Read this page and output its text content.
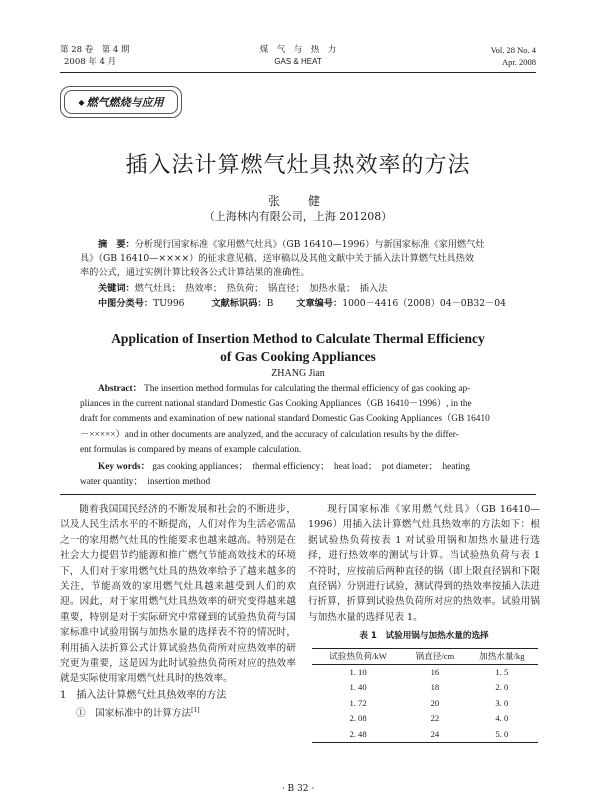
第 28 卷　第 4 期
2008 年 4 月
煤　气　与　热　力
GAS & HEAT
Vol. 28 No. 4
Apr. 2008
◆ 燃气燃烧与应用
插入法计算燃气灶具热效率的方法
张　健
（上海林内有限公司，上海 201208）
摘　要：分析现行国家标准《家用燃气灶具》（GB 16410—1996）与新国家标准《家用燃气灶
具》（GB 16410—××××）的征求意见稿、送审稿以及其他文献中关于插入法计算燃气灶具热效
率的公式，通过实例计算比较各公式计算结果的准确性。
关键词：燃气灶具；　热效率；　热负荷；　锅直径；　加热水量；　插入法
中图分类号：TU996	文献标识码：B 文章编号：1000－4416（2008）04－0B32－04
Application of Insertion Method to Calculate Thermal Efficiency
of Gas Cooking Appliances
ZHANG Jian
Abstract： The insertion method formulas for calculating the thermal efficiency of gas cooking ap-
pliances in the current national standard Domestic Gas Cooking Appliances（GB 16410－1996）, in the
draft for comments and examination of new national standard Domestic Gas Cooking Appliances（GB 16410
－×××××）and in other documents are analyzed, and the accuracy of calculation results by the differ-
ent formulas is compared by means of example calculation.
Key words： gas cooking appliances；　thermal efficiency；　heat load；　pot diameter；　heating
water quantity；　insertion method

随着我国国民经济的不断发展和社会的不断进步，以及人民生活水平的不断提高，人们对作为生活必需品之一的家用燃气灶具的性能要求也越来越高。特别是在社会大力提倡节约能源和推广燃气节能高效技术的环境下，人们对于家用燃气灶具的热效率给予了越来越多的关注，节能高效的家用燃气灶具越来越受到人们的欢迎。因此，对于家用燃气灶具热效率的研究变得越来越重要，特别是对于实际研究中常碰到的试验热负荷与国家标准中试验用锅与加热水量的选择表不符的情况时，利用插入法折算公式计算试验热负荷所对应热效率的研究更为重要，这是因为此时试验热负荷所对应的热效率就是实际使用家用燃气灶具时的热效率。

1　插入法计算燃气灶具热效率的方法
①　国家标准中的计算方法[1]

现行国家标准《家用燃气灶具》（GB 16410—1996）用插入法计算燃气灶具热效率的方法如下：根据试验热负荷按表 1 对试验用锅和加热水量进行选择，进行热效率的测试与计算。当试验热负荷与表 1 不符时，应按前后两种直径的锅（即上限直径锅和下限直径锅）分别进行试验，测试得到的热效率按插入法进行折算，折算到试验热负荷所对应的热效率。试验用锅与加热水量的选择见表 1。

表 1　试验用锅与加热水量的选择
试验热负荷/kW	锅直径/cm	加热水量/kg
1. 10	16	1. 5
1. 40	18	2. 0
1. 72	20	3. 0
2. 08	22	4. 0
2. 48	24	5. 0
· B 32 ·
